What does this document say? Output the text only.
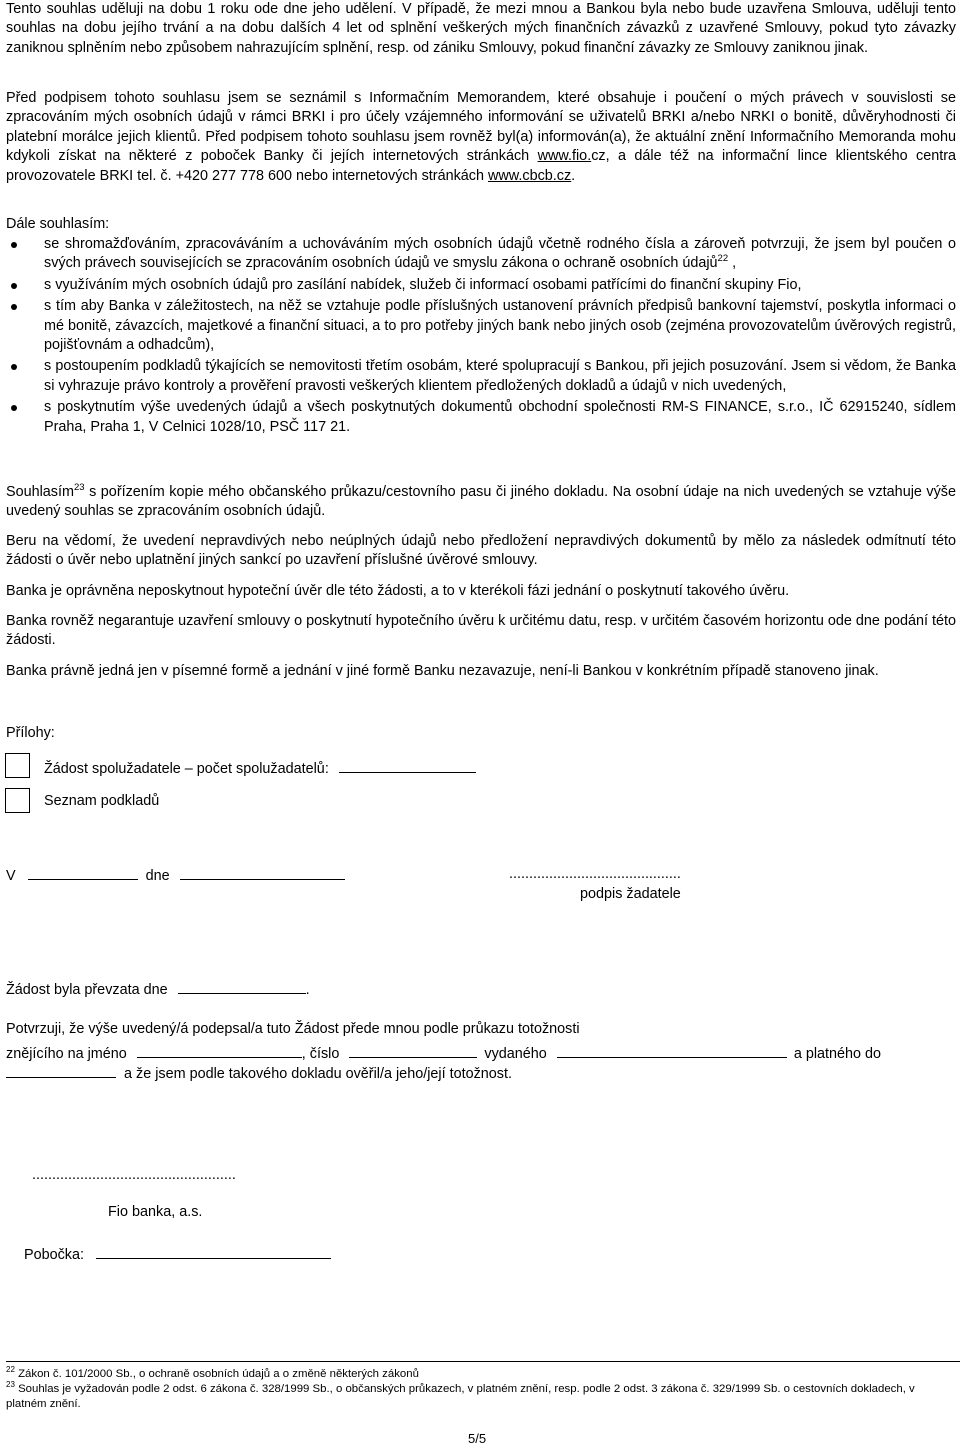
Tento souhlas uděluji na dobu 1 roku ode dne jeho udělení. V případě, že mezi mnou a Bankou byla nebo bude uzavřena Smlouva, uděluji tento souhlas na dobu jejího trvání a na dobu dalších 4 let od splnění veškerých mých finančních závazků z uzavřené Smlouvy, pokud tyto závazky zaniknou splněním nebo způsobem nahrazujícím splnění, resp. od zániku Smlouvy, pokud finanční závazky ze Smlouvy zaniknou jinak.

Před podpisem tohoto souhlasu jsem se seznámil s Informačním Memorandem, které obsahuje i poučení o mých právech v souvislosti se zpracováním mých osobních údajů v rámci BRKI i pro účely vzájemného informování se uživatelů BRKI a/nebo NRKI o bonitě, důvěryhodnosti či platební morálce jejich klientů. Před podpisem tohoto souhlasu jsem rovněž byl(a) informován(a), že aktuální znění Informačního Memoranda mohu kdykoli získat na některé z poboček Banky či jejích internetových stránkách www.fio.cz, a dále též na informační lince klientského centra provozovatele BRKI tel. č. +420 277 778 600 nebo internetových stránkách www.cbcb.cz.

Dále souhlasím:
se shromažďováním, zpracováváním a uchováváním mých osobních údajů včetně rodného čísla a zároveň potvrzuji, že jsem byl poučen o svých právech souvisejících se zpracováním osobních údajů ve smyslu zákona o ochraně osobních údajů$^{22}$ ,
s využíváním mých osobních údajů pro zasílání nabídek, služeb či informací osobami patřícími do finanční skupiny Fio,
s tím aby Banka v záležitostech, na něž se vztahuje podle příslušných ustanovení právních předpisů bankovní tajemství, poskytla informaci o mé bonitě, závazcích, majetkové a finanční situaci, a to pro potřeby jiných bank nebo jiných osob (zejména provozovatelům úvěrových registrů, pojišťovnám a odhadcům),
s postoupením podkladů týkajících se nemovitosti třetím osobám, které spolupracují s Bankou, při jejich posuzování. Jsem si vědom, že Banka si vyhrazuje právo kontroly a prověření pravosti veškerých klientem předložených dokladů a údajů v nich uvedených,
s poskytnutím výše uvedených údajů a všech poskytnutých dokumentů obchodní společnosti RM-S FINANCE, s.r.o., IČ 62915240, sídlem Praha, Praha 1, V Celnici 1028/10, PSČ 117 21.

Souhlasím$^{23}$ s pořízením kopie mého občanského průkazu/cestovního pasu či jiného dokladu. Na osobní údaje na nich uvedených se vztahuje výše uvedený souhlas se zpracováním osobních údajů.

Beru na vědomí, že uvedení nepravdivých nebo neúplných údajů nebo předložení nepravdivých dokumentů by mělo za následek odmítnutí této žádosti o úvěr nebo uplatnění jiných sankcí po uzavření příslušné úvěrové smlouvy.

Banka je oprávněna neposkytnout hypoteční úvěr dle této žádosti, a to v kterékoli fázi jednání o poskytnutí takového úvěru.

Banka rovněž negarantuje uzavření smlouvy o poskytnutí hypotečního úvěru k určitému datu, resp. v určitém časovém horizontu ode dne podání této žádosti.

Banka právně jedná jen v písemné formě a jednání v jiné formě Banku nezavazuje, není-li Bankou v konkrétním případě stanoveno jinak.

Přílohy:
Žádost spolužadatele – počet spolužadatelů:
Seznam podkladů
V	dne	...........................................
podpis žadatele
Žádost byla převzata dne	.
Potvrzuji, že výše uvedený/á podepsal/a tuto Žádost přede mnou podle průkazu totožnosti
znějícího na jméno	, číslo	vydaného	a platného do
a že jsem podle takového dokladu ověřil/a jeho/její totožnost.
...................................................
Fio banka, a.s.
Pobočka:
$^{22}$ Zákon č. 101/2000 Sb., o ochraně osobních údajů a o změně některých zákonů
$^{23}$ Souhlas je vyžadován podle 2 odst. 6 zákona č. 328/1999 Sb., o občanských průkazech, v platném znění, resp. podle 2 odst. 3 zákona č. 329/1999 Sb. o cestovních dokladech, v platném znění.
5/5
